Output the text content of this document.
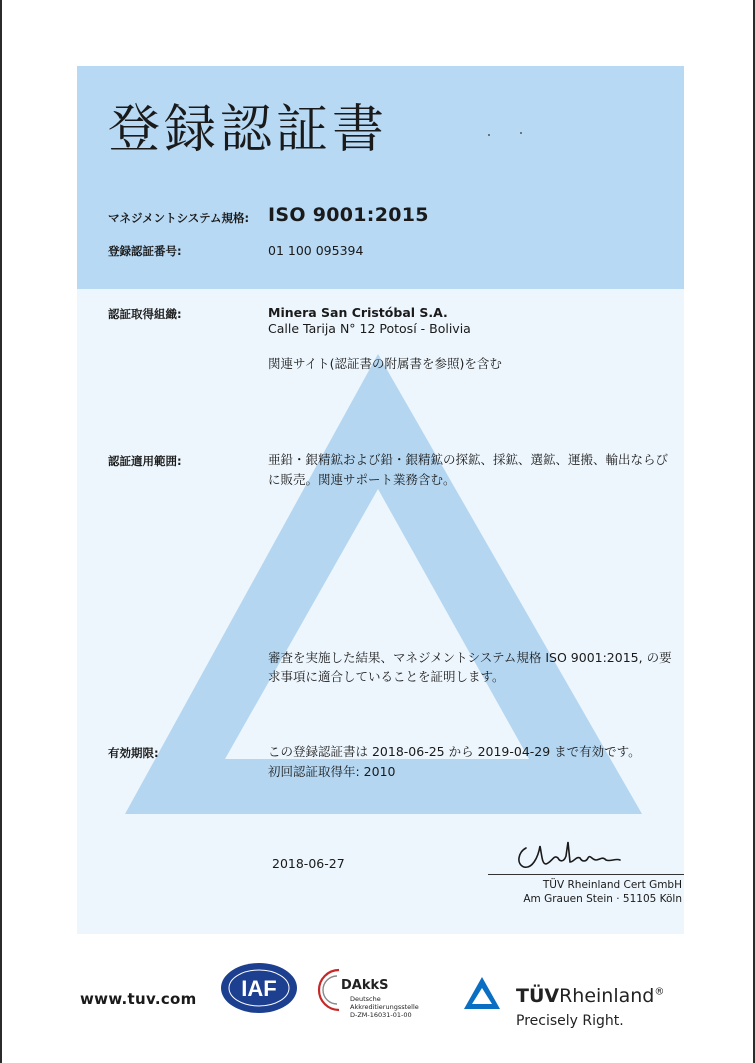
登録認証書
マネジメントシステム規格: ISO 9001:2015
登録認証番号:	01 100 095394
認証取得組織:	Minera San Cristóbal S.A.
Calle Tarija N° 12 Potosí - Bolivia
関連サイト(認証書の附属書を参照)を含む
認証適用範囲:	亜鉛・銀精鉱および鉛・銀精鉱の探鉱、採鉱、選鉱、運搬、輸出ならび
に販売。関連サポート業務含む。
審査を実施した結果、マネジメントシステム規格 ISO 9001:2015, の要
求事項に適合していることを証明します。
有効期限:	この登録認証書は 2018-06-25 から 2019-04-29 まで有効です。
初回認証取得年: 2010
2018-06-27
TÜV Rheinland Cert GmbH
Am Grauen Stein · 51105 Köln
www.tuv.com IAF	DAkkS
Deutsche
Akkreditierungsstelle
D-ZM-16031-01-00
TÜVRheinland®
Precisely Right.
